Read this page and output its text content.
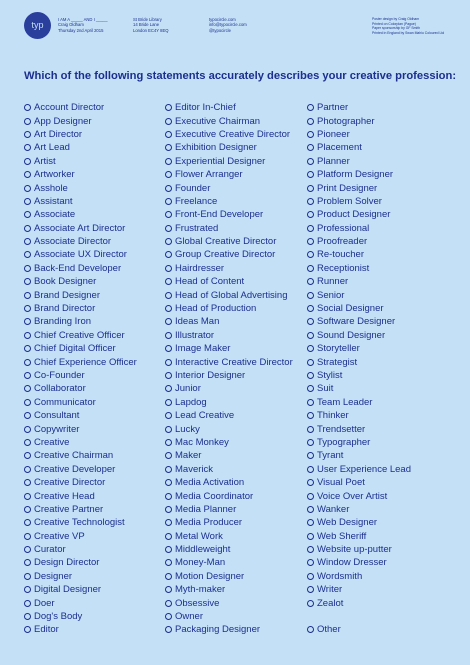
typ
I AM A _____ AND I _____
Craig Oldham
Thursday 2nd April 2015
St Bride Library
14 Bride Lane
London EC4Y 8EQ
typocircle.com
info@typocircle.com
@typocircle
Poster design by Craig Oldham
Printed on Colorplan (Pague)
Paper sponsorship by GF Smith
Printed in England by Swan Mahiu Coloured Ltd
Which of the following statements accurately describes your creative profession:
Account Director
App Designer
Art Director
Art Lead
Artist
Artworker
Asshole
Assistant
Associate
Associate Art Director
Associate Director
Associate UX Director
Back-End Developer
Book Designer
Brand Designer
Brand Director
Branding Iron
Chief Creative Officer
Chief Digital Officer
Chief Experience Officer
Co-Founder
Collaborator
Communicator
Consultant
Copywriter
Creative
Creative Chairman
Creative Developer
Creative Director
Creative Head
Creative Partner
Creative Technologist
Creative VP
Curator
Design Director
Designer
Digital Designer
Doer
Dog's Body
Editor
Editor In-Chief
Executive Chairman
Executive Creative Director
Exhibition Designer
Experiential Designer
Flower Arranger
Founder
Freelance
Front-End Developer
Frustrated
Global Creative Director
Group Creative Director
Hairdresser
Head of Content
Head of Global Advertising
Head of Production
Ideas Man
Illustrator
Image Maker
Interactive Creative Director
Interior Designer
Junior
Lapdog
Lead Creative
Lucky
Mac Monkey
Maker
Maverick
Media Activation
Media Coordinator
Media Planner
Media Producer
Metal Work
Middleweight
Money-Man
Motion Designer
Myth-maker
Obsessive
Owner
Packaging Designer
Partner
Photographer
Pioneer
Placement
Planner
Platform Designer
Print Designer
Problem Solver
Product Designer
Professional
Proofreader
Re-toucher
Receptionist
Runner
Senior
Social Designer
Software Designer
Sound Designer
Storyteller
Strategist
Stylist
Suit
Team Leader
Thinker
Trendsetter
Typographer
Tyrant
User Experience Lead
Visual Poet
Voice Over Artist
Wanker
Web Designer
Web Sheriff
Website up-putter
Window Dresser
Wordsmith
Writer
Zealot
Other
